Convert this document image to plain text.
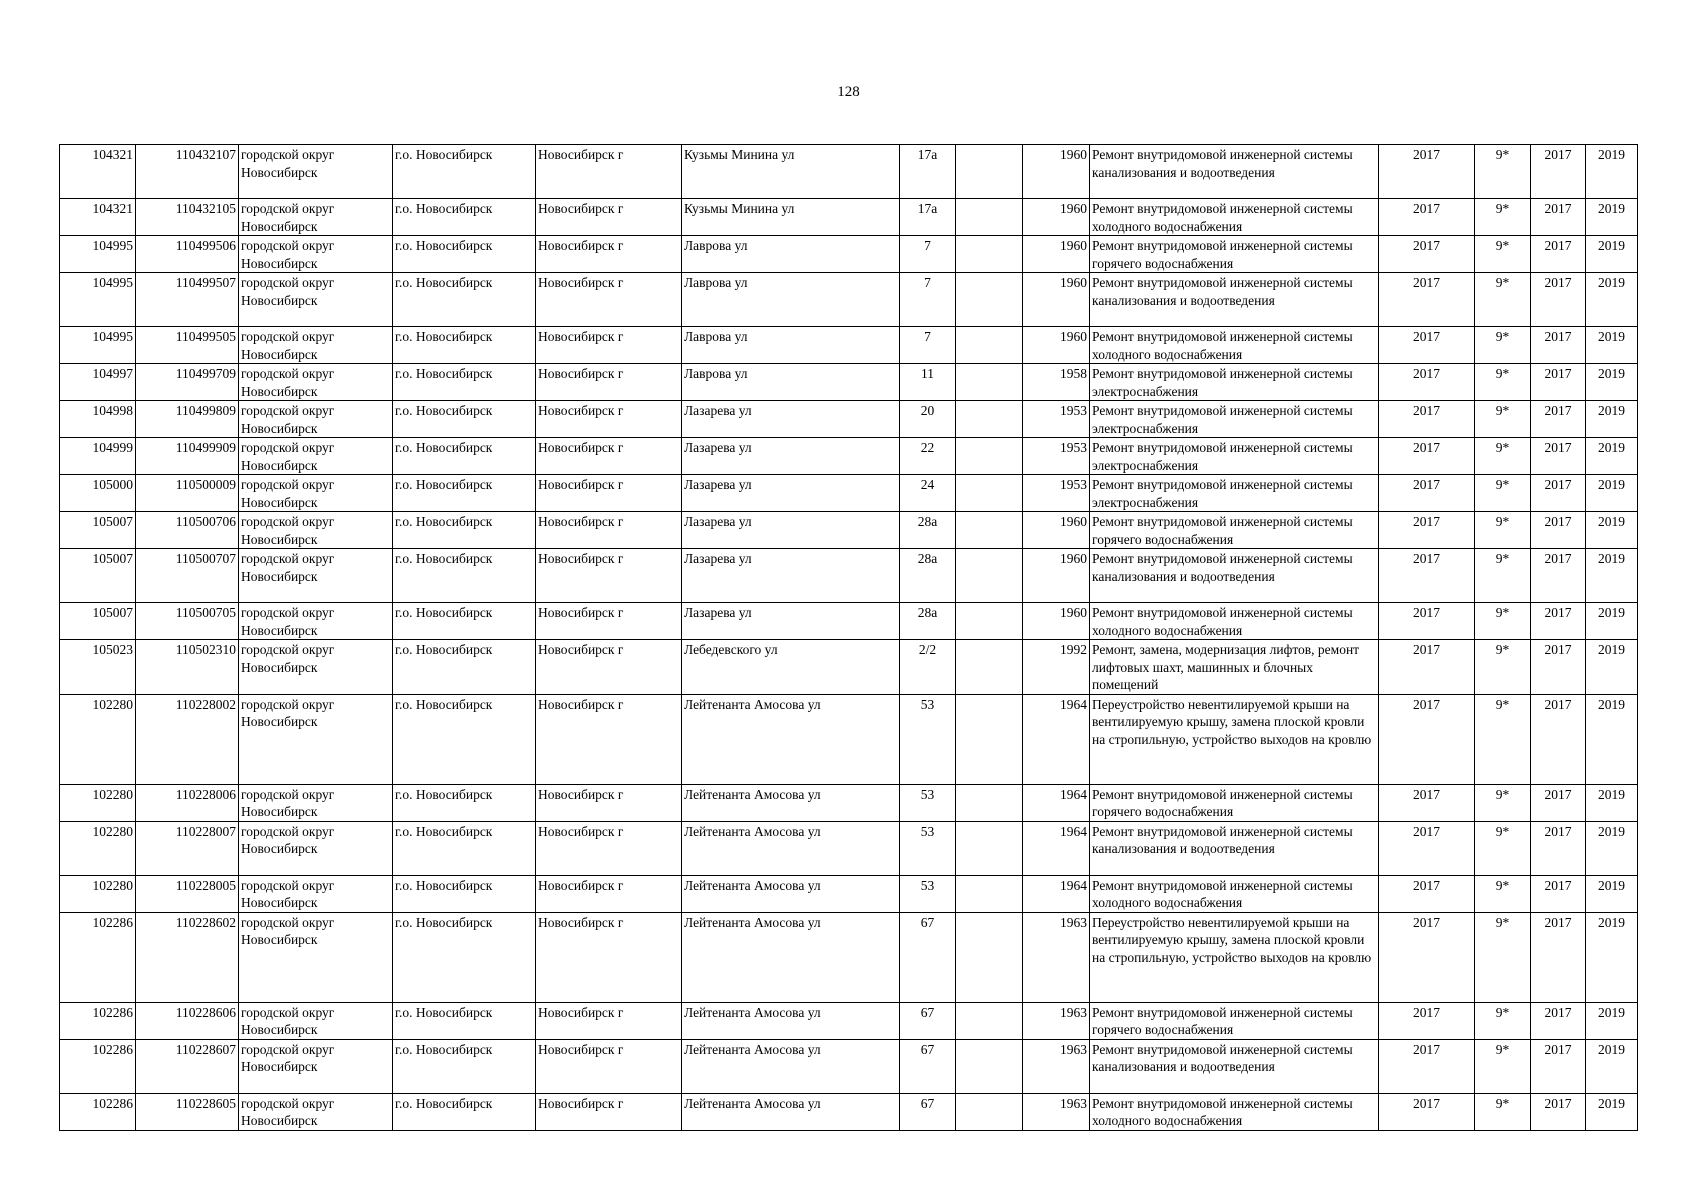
128
104321	110432107	городской округ Новосибирск	г.о. Новосибирск	Новосибирск г	Кузьмы Минина ул	17а		1960	Ремонт внутридомовой инженерной системы канализования и водоотведения	2017	9*	2017	2019
104321	110432105	городской округ Новосибирск	г.о. Новосибирск	Новосибирск г	Кузьмы Минина ул	17а		1960	Ремонт внутридомовой инженерной системы холодного водоснабжения	2017	9*	2017	2019
104995	110499506	городской округ Новосибирск	г.о. Новосибирск	Новосибирск г	Лаврова ул	7		1960	Ремонт внутридомовой инженерной системы горячего водоснабжения	2017	9*	2017	2019
104995	110499507	городской округ Новосибирск	г.о. Новосибирск	Новосибирск г	Лаврова ул	7		1960	Ремонт внутридомовой инженерной системы канализования и водоотведения	2017	9*	2017	2019
104995	110499505	городской округ Новосибирск	г.о. Новосибирск	Новосибирск г	Лаврова ул	7		1960	Ремонт внутридомовой инженерной системы холодного водоснабжения	2017	9*	2017	2019
104997	110499709	городской округ Новосибирск	г.о. Новосибирск	Новосибирск г	Лаврова ул	11		1958	Ремонт внутридомовой инженерной системы электроснабжения	2017	9*	2017	2019
104998	110499809	городской округ Новосибирск	г.о. Новосибирск	Новосибирск г	Лазарева ул	20		1953	Ремонт внутридомовой инженерной системы электроснабжения	2017	9*	2017	2019
104999	110499909	городской округ Новосибирск	г.о. Новосибирск	Новосибирск г	Лазарева ул	22		1953	Ремонт внутридомовой инженерной системы электроснабжения	2017	9*	2017	2019
105000	110500009	городской округ Новосибирск	г.о. Новосибирск	Новосибирск г	Лазарева ул	24		1953	Ремонт внутридомовой инженерной системы электроснабжения	2017	9*	2017	2019
105007	110500706	городской округ Новосибирск	г.о. Новосибирск	Новосибирск г	Лазарева ул	28а		1960	Ремонт внутридомовой инженерной системы горячего водоснабжения	2017	9*	2017	2019
105007	110500707	городской округ Новосибирск	г.о. Новосибирск	Новосибирск г	Лазарева ул	28а		1960	Ремонт внутридомовой инженерной системы канализования и водоотведения	2017	9*	2017	2019
105007	110500705	городской округ Новосибирск	г.о. Новосибирск	Новосибирск г	Лазарева ул	28а		1960	Ремонт внутридомовой инженерной системы холодного водоснабжения	2017	9*	2017	2019
105023	110502310	городской округ Новосибирск	г.о. Новосибирск	Новосибирск г	Лебедевского ул	2/2		1992	Ремонт, замена, модернизация лифтов, ремонт лифтовых шахт, машинных и блочных помещений	2017	9*	2017	2019
102280	110228002	городской округ Новосибирск	г.о. Новосибирск	Новосибирск г	Лейтенанта Амосова ул	53		1964	Переустройство невентилируемой крыши на вентилируемую крышу, замена плоской кровли на стропильную, устройство выходов на кровлю	2017	9*	2017	2019
102280	110228006	городской округ Новосибирск	г.о. Новосибирск	Новосибирск г	Лейтенанта Амосова ул	53		1964	Ремонт внутридомовой инженерной системы горячего водоснабжения	2017	9*	2017	2019
102280	110228007	городской округ Новосибирск	г.о. Новосибирск	Новосибирск г	Лейтенанта Амосова ул	53		1964	Ремонт внутридомовой инженерной системы канализования и водоотведения	2017	9*	2017	2019
102280	110228005	городской округ Новосибирск	г.о. Новосибирск	Новосибирск г	Лейтенанта Амосова ул	53		1964	Ремонт внутридомовой инженерной системы холодного водоснабжения	2017	9*	2017	2019
102286	110228602	городской округ Новосибирск	г.о. Новосибирск	Новосибирск г	Лейтенанта Амосова ул	67		1963	Переустройство невентилируемой крыши на вентилируемую крышу, замена плоской кровли на стропильную, устройство выходов на кровлю	2017	9*	2017	2019
102286	110228606	городской округ Новосибирск	г.о. Новосибирск	Новосибирск г	Лейтенанта Амосова ул	67		1963	Ремонт внутридомовой инженерной системы горячего водоснабжения	2017	9*	2017	2019
102286	110228607	городской округ Новосибирск	г.о. Новосибирск	Новосибирск г	Лейтенанта Амосова ул	67		1963	Ремонт внутридомовой инженерной системы канализования и водоотведения	2017	9*	2017	2019
102286	110228605	городской округ Новосибирск	г.о. Новосибирск	Новосибирск г	Лейтенанта Амосова ул	67		1963	Ремонт внутридомовой инженерной системы холодного водоснабжения	2017	9*	2017	2019
